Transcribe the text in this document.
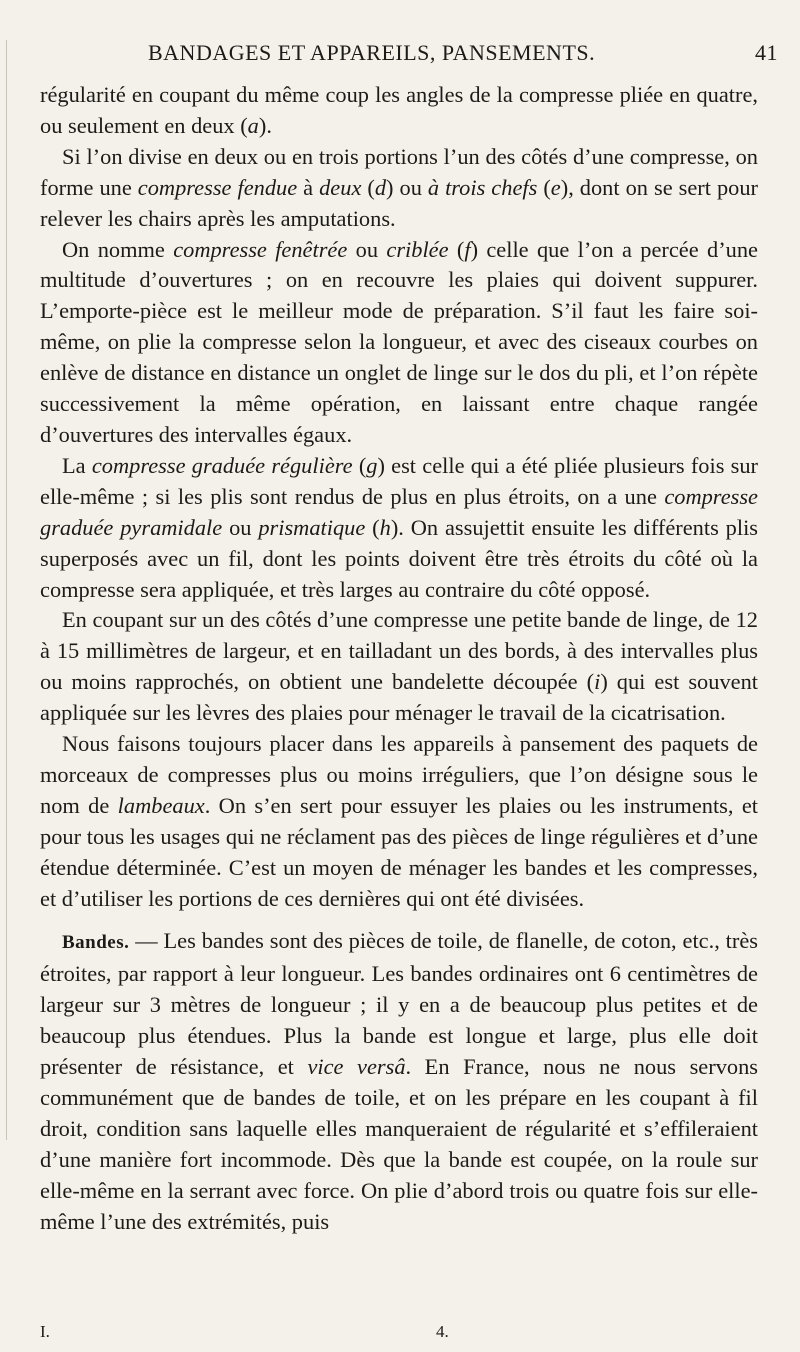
BANDAGES ET APPAREILS, PANSEMENTS.	41

régularité en coupant du même coup les angles de la compresse pliée en quatre, ou seulement en deux (a).

Si l’on divise en deux ou en trois portions l’un des côtés d’une compresse, on forme une compresse fendue à deux (d) ou à trois chefs (e), dont on se sert pour relever les chairs après les amputations.

On nomme compresse fenêtrée ou criblée (f) celle que l’on a percée d’une multitude d’ouvertures ; on en recouvre les plaies qui doivent suppurer. L’emporte-pièce est le meilleur mode de préparation. S’il faut les faire soi-même, on plie la compresse selon la longueur, et avec des ciseaux courbes on enlève de distance en distance un onglet de linge sur le dos du pli, et l’on répète successivement la même opération, en laissant entre chaque rangée d’ouvertures des intervalles égaux.

La compresse graduée régulière (g) est celle qui a été pliée plusieurs fois sur elle-même ; si les plis sont rendus de plus en plus étroits, on a une compresse graduée pyramidale ou prismatique (h). On assujettit ensuite les différents plis superposés avec un fil, dont les points doivent être très étroits du côté où la compresse sera appliquée, et très larges au contraire du côté opposé.

En coupant sur un des côtés d’une compresse une petite bande de linge, de 12 à 15 millimètres de largeur, et en tailladant un des bords, à des intervalles plus ou moins rapprochés, on obtient une bandelette découpée (i) qui est souvent appliquée sur les lèvres des plaies pour ménager le travail de la cicatrisation.

Nous faisons toujours placer dans les appareils à pansement des paquets de morceaux de compresses plus ou moins irréguliers, que l’on désigne sous le nom de lambeaux. On s’en sert pour essuyer les plaies ou les instruments, et pour tous les usages qui ne réclament pas des pièces de linge régulières et d’une étendue déterminée. C’est un moyen de ménager les bandes et les compresses, et d’utiliser les portions de ces dernières qui ont été divisées.

Bandes. — Les bandes sont des pièces de toile, de flanelle, de coton, etc., très étroites, par rapport à leur longueur. Les bandes ordinaires ont 6 centimètres de largeur sur 3 mètres de longueur ; il y en a de beaucoup plus petites et de beaucoup plus étendues. Plus la bande est longue et large, plus elle doit présenter de résistance, et vice versâ. En France, nous ne nous servons communément que de bandes de toile, et on les prépare en les coupant à fil droit, condition sans laquelle elles manqueraient de régularité et s’effileraient d’une manière fort incommode. Dès que la bande est coupée, on la roule sur elle-même en la serrant avec force. On plie d’abord trois ou quatre fois sur elle-même l’une des extrémités, puis

I.	4.
